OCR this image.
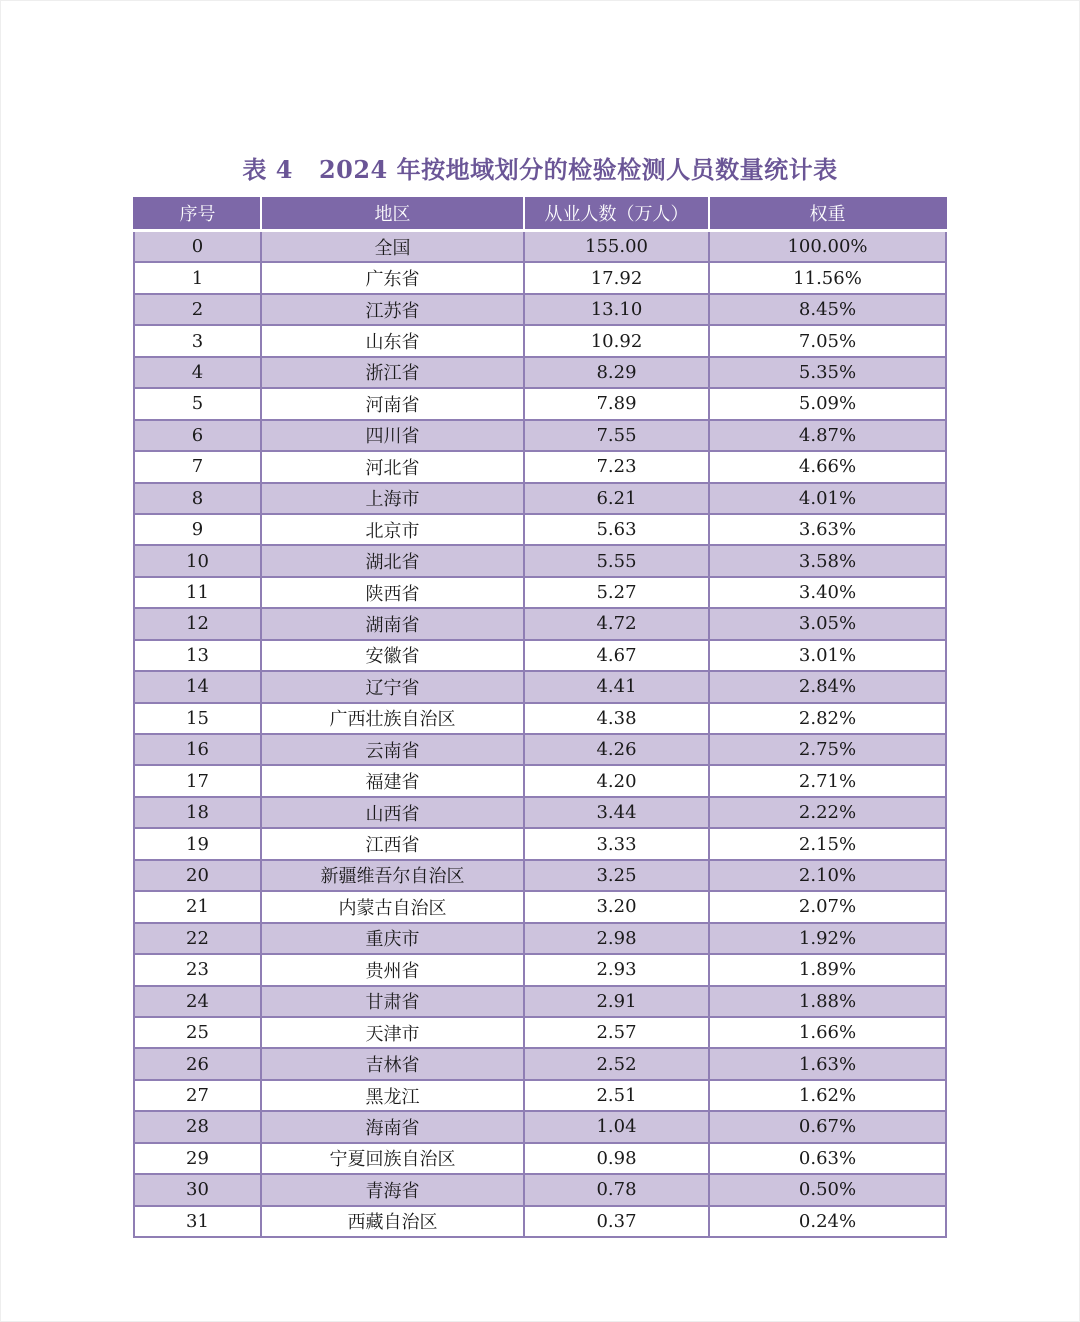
表 4 2024 年按地域划分的检验检测人员数量统计表
序号	地区	从业人数（万人）	权重
0	全国	155.00	100.00%
1	广东省	17.92	11.56%
2	江苏省	13.10	8.45%
3	山东省	10.92	7.05%
4	浙江省	8.29	5.35%
5	河南省	7.89	5.09%
6	四川省	7.55	4.87%
7	河北省	7.23	4.66%
8	上海市	6.21	4.01%
9	北京市	5.63	3.63%
10	湖北省	5.55	3.58%
11	陕西省	5.27	3.40%
12	湖南省	4.72	3.05%
13	安徽省	4.67	3.01%
14	辽宁省	4.41	2.84%
15	广西壮族自治区	4.38	2.82%
16	云南省	4.26	2.75%
17	福建省	4.20	2.71%
18	山西省	3.44	2.22%
19	江西省	3.33	2.15%
20	新疆维吾尔自治区	3.25	2.10%
21	内蒙古自治区	3.20	2.07%
22	重庆市	2.98	1.92%
23	贵州省	2.93	1.89%
24	甘肃省	2.91	1.88%
25	天津市	2.57	1.66%
26	吉林省	2.52	1.63%
27	黑龙江	2.51	1.62%
28	海南省	1.04	0.67%
29	宁夏回族自治区	0.98	0.63%
30	青海省	0.78	0.50%
31	西藏自治区	0.37	0.24%
